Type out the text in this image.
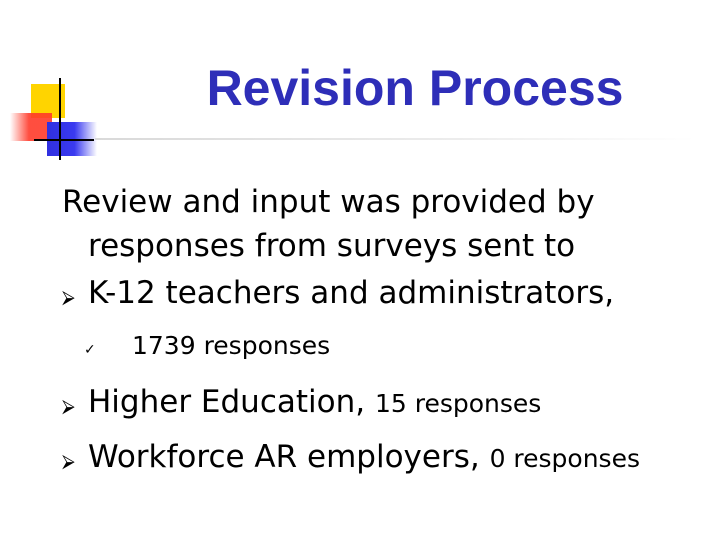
Revision Process

Review and input was provided by responses from surveys sent to

⮚ K-12 teachers and administrators,
✓	1739 responses
⮚ Higher Education, 15 responses
⮚ Workforce AR employers, 0 responses
